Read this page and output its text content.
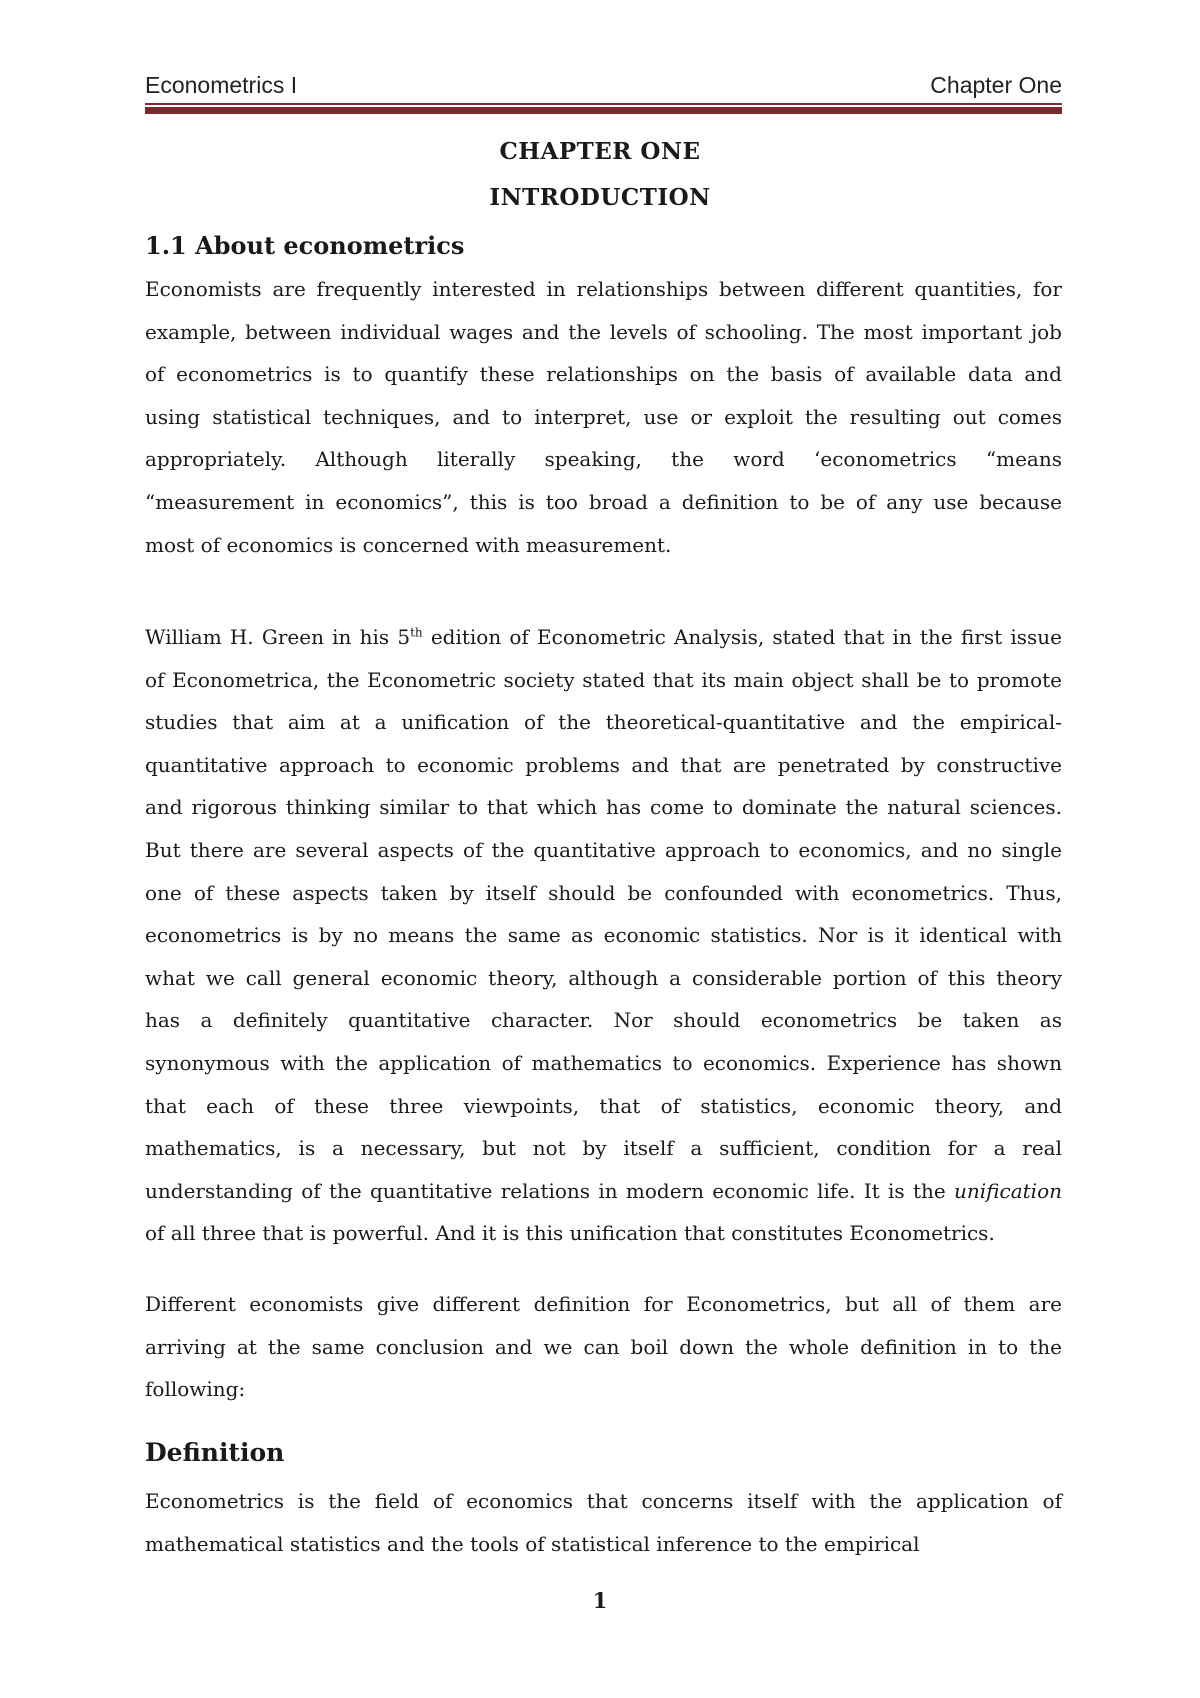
Econometrics I	Chapter One
CHAPTER ONE
INTRODUCTION
1.1 About econometrics
Economists are frequently interested in relationships between different quantities, for
example, between individual wages and the levels of schooling. The most important job
of econometrics is to quantify these relationships on the basis of available data and
using statistical techniques, and to interpret, use or exploit the resulting out comes
appropriately. Although literally speaking, the word ‘econometrics “means
“measurement in economics”, this is too broad a definition to be of any use because
most of economics is concerned with measurement.
William H. Green in his 5th edition of Econometric Analysis, stated that in the first issue
of Econometrica, the Econometric society stated that its main object shall be to promote
studies that aim at a unification of the theoretical-quantitative and the empirical-
quantitative approach to economic problems and that are penetrated by constructive
and rigorous thinking similar to that which has come to dominate the natural sciences.
But there are several aspects of the quantitative approach to economics, and no single
one of these aspects taken by itself should be confounded with econometrics. Thus,
econometrics is by no means the same as economic statistics. Nor is it identical with
what we call general economic theory, although a considerable portion of this theory
has a definitely quantitative character. Nor should econometrics be taken as
synonymous with the application of mathematics to economics. Experience has shown
that each of these three viewpoints, that of statistics, economic theory, and
mathematics, is a necessary, but not by itself a sufficient, condition for a real
understanding of the quantitative relations in modern economic life. It is the unification
of all three that is powerful. And it is this unification that constitutes Econometrics.
Different economists give different definition for Econometrics, but all of them are
arriving at the same conclusion and we can boil down the whole definition in to the
following:
Definition
Econometrics is the field of economics that concerns itself with the application of
mathematical statistics and the tools of statistical inference to the empirical
1
